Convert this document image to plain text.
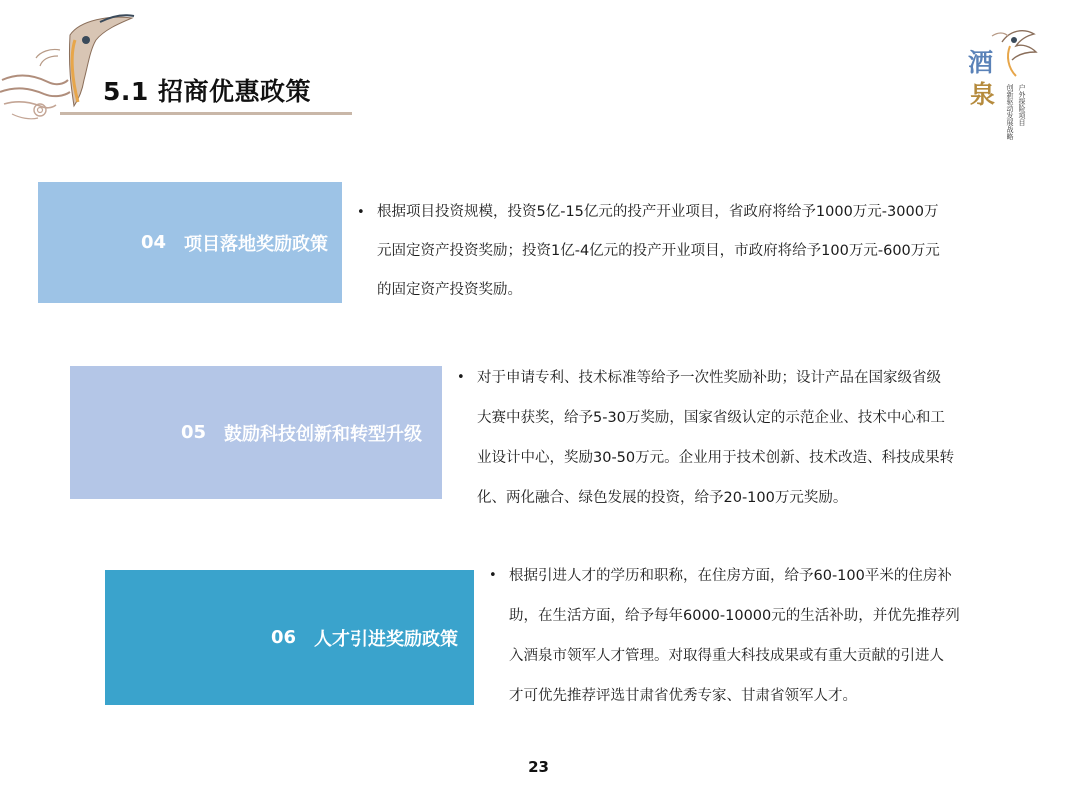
5.1 招商优惠政策
酒
泉	户外探险项目
创新驱动发展战略
04 项目落地奖励政策
• 根据项目投资规模，投资5亿-15亿元的投产开业项目，省政府将给予1000万元-3000万
元固定资产投资奖励；投资1亿-4亿元的投产开业项目，市政府将给予100万元-600万元
的固定资产投资奖励。
05 鼓励科技创新和转型升级
• 对于申请专利、技术标准等给予一次性奖励补助；设计产品在国家级省级
大赛中获奖，给予5-30万奖励，国家省级认定的示范企业、技术中心和工
业设计中心，奖励30-50万元。企业用于技术创新、技术改造、科技成果转
化、两化融合、绿色发展的投资，给予20-100万元奖励。
06 人才引进奖励政策
• 根据引进人才的学历和职称，在住房方面，给予60-100平米的住房补
助，在生活方面，给予每年6000-10000元的生活补助，并优先推荐列
入酒泉市领军人才管理。对取得重大科技成果或有重大贡献的引进人
才可优先推荐评选甘肃省优秀专家、甘肃省领军人才。
23
